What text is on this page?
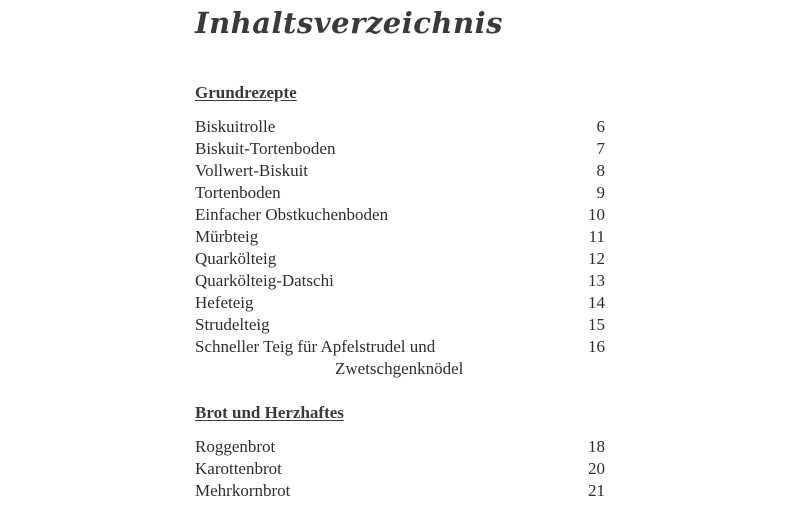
Inhaltsverzeichnis
Grundrezepte
Biskuitrolle	6
Biskuit-Tortenboden	7
Vollwert-Biskuit	8
Tortenboden	9
Einfacher Obstkuchenboden	10
Mürbteig	11
Quarkölteig	12
Quarkölteig-Datschi	13
Hefeteig	14
Strudelteig	15
Schneller Teig für Apfelstrudel und	16
Zwetschgenknödel
Brot und Herzhaftes
Roggenbrot	18
Karottenbrot	20
Mehrkornbrot	21
